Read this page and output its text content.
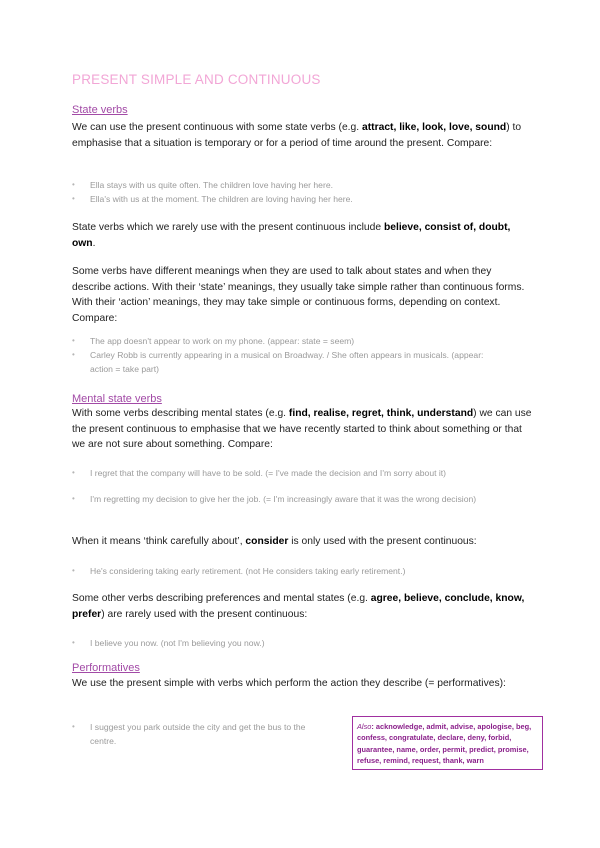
PRESENT SIMPLE AND CONTINUOUS
State verbs
We can use the present continuous with some state verbs (e.g. attract, like, look, love, sound) to emphasise that a situation is temporary or for a period of time around the present. Compare:
• Ella stays with us quite often. The children love having her here.
• Ella's with us at the moment. The children are loving having her here.
State verbs which we rarely use with the present continuous include believe, consist of, doubt, own.
Some verbs have different meanings when they are used to talk about states and when they describe actions. With their ‘state’ meanings, they usually take simple rather than continuous forms. With their ‘action’ meanings, they may take simple or continuous forms, depending on context. Compare:
• The app doesn't appear to work on my phone. (appear: state = seem)
• Carley Robb is currently appearing in a musical on Broadway. / She often appears in musicals. (appear: action = take part)
Mental state verbs
With some verbs describing mental states (e.g. find, realise, regret, think, understand) we can use the present continuous to emphasise that we have recently started to think about something or that we are not sure about something. Compare:
• I regret that the company will have to be sold. (= I've made the decision and I'm sorry about it)
• I'm regretting my decision to give her the job. (= I'm increasingly aware that it was the wrong decision)
When it means ‘think carefully about’, consider is only used with the present continuous:
• He's considering taking early retirement. (not He considers taking early retirement.)
Some other verbs describing preferences and mental states (e.g. agree, believe, conclude, know, prefer) are rarely used with the present continuous:
• I believe you now. (not I'm believing you now.)
Performatives
We use the present simple with verbs which perform the action they describe (= performatives):
• I suggest you park outside the city and get the bus to the centre.
Also: acknowledge, admit, advise, apologise, beg, confess, congratulate, declare, deny, forbid, guarantee, name, order, permit, predict, promise, refuse, remind, request, thank, warn
